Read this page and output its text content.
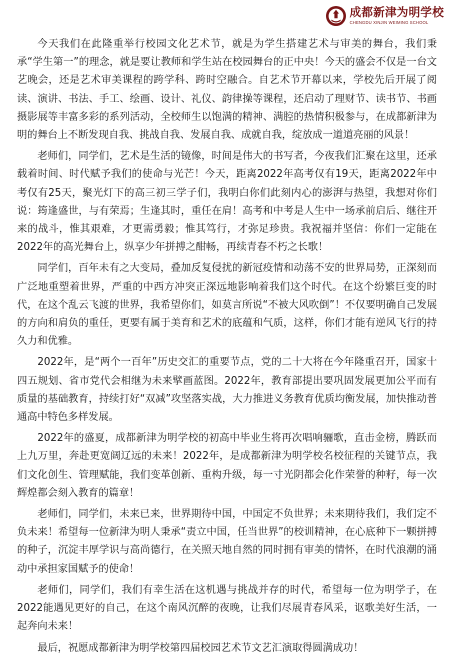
成都新津为明学校
CHENGDU XINJIN WEIMING SCHOOL

今天我们在此隆重举行校园文化艺术节，就是为学生搭建艺术与审美的舞台，我们秉承“学生第一”的理念，就是要让教师和学生站在校园舞台的正中央！今天的盛会不仅是一台文艺晚会，还是艺术审美课程的跨学科、跨时空融合。自艺术节开幕以来，学校先后开展了阅读、演讲、书法、手工、绘画、设计、礼仪、韵律操等课程，还启动了理财节、读书节、书画摄影展等丰富多彩的系列活动，全校师生以饱满的精神、满腔的热情积极参与，在成都新津为明的舞台上不断发现自我、挑战自我、发展自我、成就自我，绽放成一道道亮丽的风景！

老师们，同学们，艺术是生活的镜像，时间是伟大的书写者，今夜我们汇聚在这里，还承载着时间、时代赋予我们的使命与光芒！今天，距离2022年高考仅有19天，距离2022年中考仅有25天，聚光灯下的高三初三学子们，我明白你们此刻内心的澎湃与热望，我想对你们说：筠逢盛世，与有荣焉；生逢其时，重任在肩！高考和中考是人生中一场承前启后、继往开来的战斗，惟其艰难，才更需勇毅；惟其笃行，才弥足珍贵。我祝福并坚信：你们一定能在2022年的高光舞台上，纵享少年拼搏之酣畅，再续青春不朽之长歌！

同学们，百年未有之大变局，叠加反复侵扰的新冠疫情和动荡不安的世界局势，正深刻而广泛地重塑着世界，严重的中西方冲突正深远地影响着我们这个时代。在这个纷繁巨变的时代，在这个乱云飞渡的世界，我希望你们，如莫言所说“不被大风吹倒”！不仅要明确自己发展的方向和肩负的重任，更要有属于美育和艺术的底蕴和气质，这样，你们才能有逆风飞行的持久力和优雅。

2022年，是“两个一百年”历史交汇的重要节点，党的二十大将在今年隆重召开，国家十四五规划、省市党代会相继为未来擘画蓝图。2022年，教育部提出要巩固发展更加公平而有质量的基础教育，持续打好“双减”攻坚落实战，大力推进义务教育优质均衡发展，加快推动普通高中特色多样发展。

2022年的盛夏，成都新津为明学校的初高中毕业生将再次唱响骊歌，直击金榜，腾跃而上九万里，奔赴更宽阔辽远的未来！2022年，是成都新津为明学校名校征程的关键节点，我们文化创生、管理赋能，我们变革创新、重构升级，每一寸光阴都会化作荣誉的种籽，每一次辉煌都会刻入教育的篇章！

老师们，同学们，未来已来，世界期待中国，中国定不负世界；未来期待我们，我们定不负未来！希望每一位新津为明人秉承“责立中国，任当世界”的校训精神，在心底种下一颗拼搏的种子，沉淀丰厚学识与高尚德行，在关照天地自然的同时拥有审美的情怀，在时代浪潮的涌动中承担家国赋予的使命！

老师们，同学们，我们有幸生活在这机遇与挑战并存的时代，希望每一位为明学子，在2022能遇见更好的自己，在这个南风沉醉的夜晚，让我们尽展青春风采，讴歌美好生活，一起奔向未来！

最后，祝愿成都新津为明学校第四届校园艺术节文艺汇演取得圆满成功！
